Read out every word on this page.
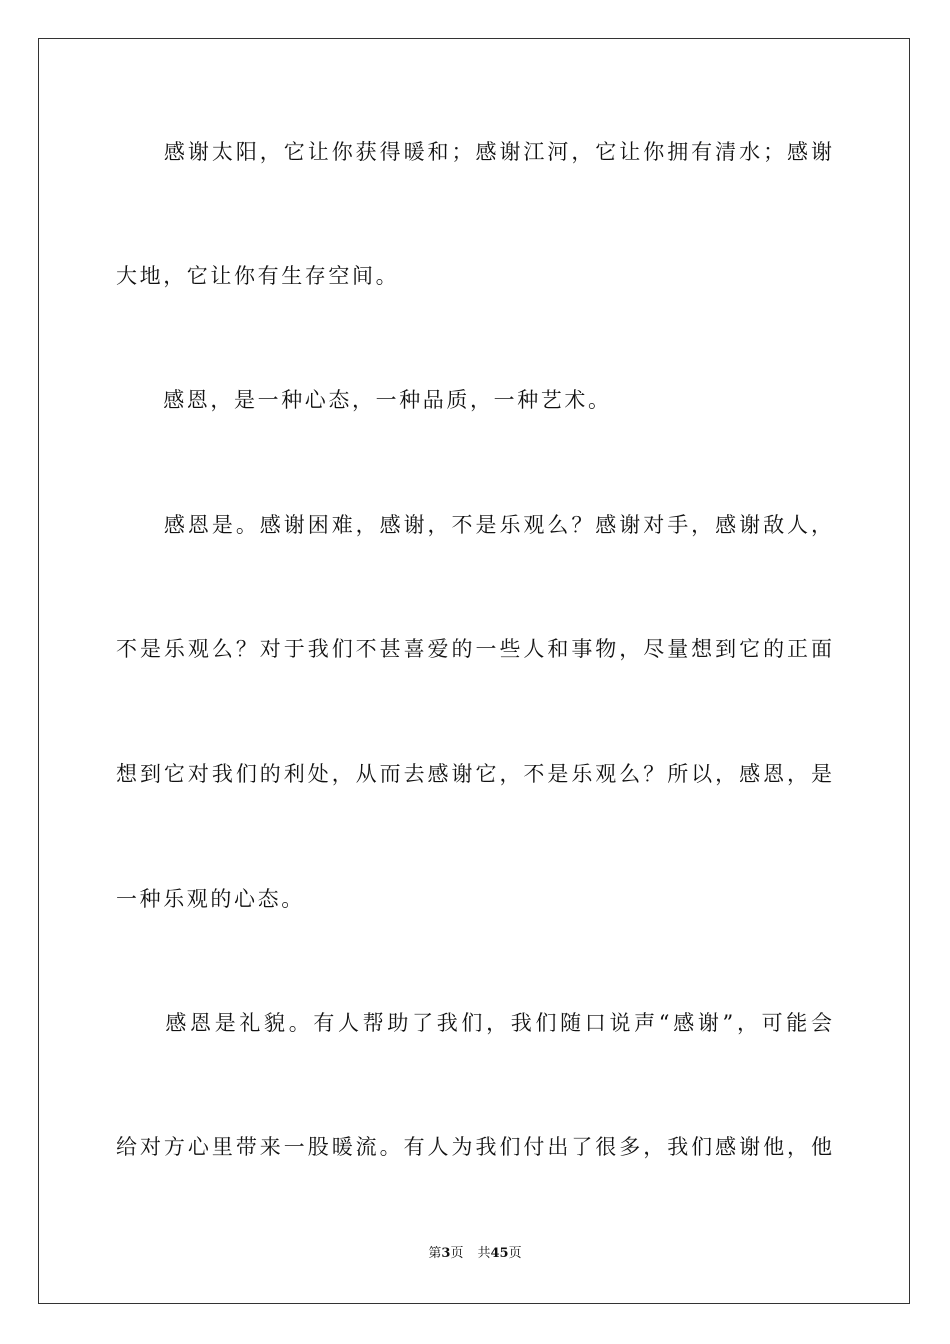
　　感谢太阳，它让你获得暖和；感谢江河，它让你拥有清水；感谢
大地，它让你有生存空间。
　　感恩，是一种心态，一种品质，一种艺术。
　　感恩是。感谢困难，感谢，不是乐观么？感谢对手，感谢敌人，
不是乐观么？对于我们不甚喜爱的一些人和事物，尽量想到它的正面
想到它对我们的利处，从而去感谢它，不是乐观么？所以，感恩，是
一种乐观的心态。
　　感恩是礼貌。有人帮助了我们，我们随口说声“感谢”，可能会
给对方心里带来一股暖流。有人为我们付出了很多，我们感谢他，他
第3页 共45页
